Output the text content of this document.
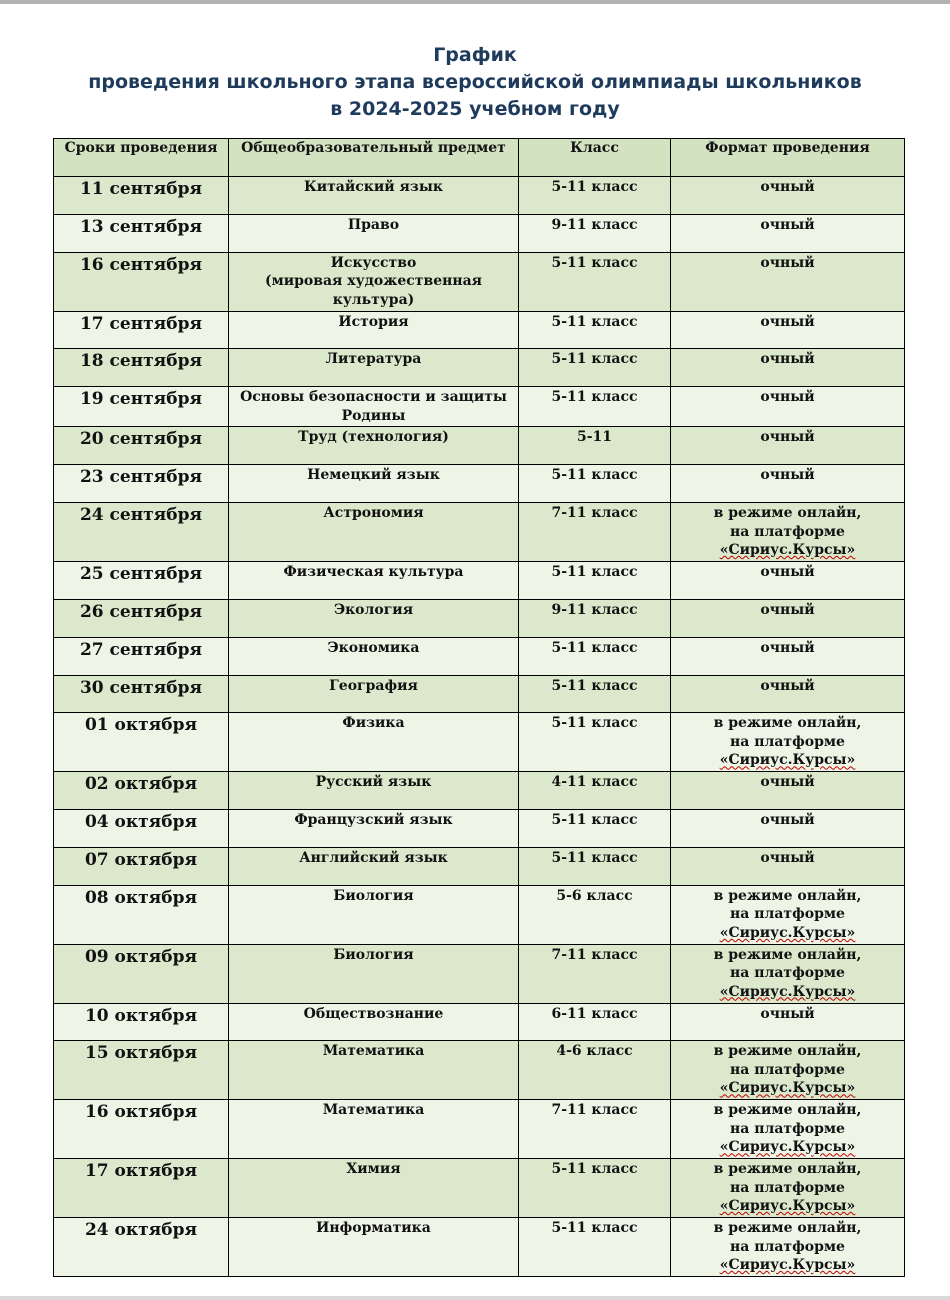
График
проведения школьного этапа всероссийской олимпиады школьников
в 2024-2025 учебном году
Сроки проведения	Общеобразовательный предмет	Класс	Формат проведения
11 сентября	Китайский язык	5-11 класс	очный
13 сентября	Право	9-11 класс	очный
16 сентября	Искусство
(мировая художественная
культура)	5-11 класс	очный
17 сентября	История	5-11 класс	очный
18 сентября	Литература	5-11 класс	очный
19 сентября	Основы безопасности и защиты
Родины	5-11 класс	очный
20 сентября	Труд (технология)	5-11	очный
23 сентября	Немецкий язык	5-11 класс	очный
24 сентября	Астрономия	7-11 класс	в режиме онлайн,
на платформе
«Сириус.Курсы»

25 сентября	Физическая культура	5-11 класс	очный
26 сентября	Экология	9-11 класс	очный
27 сентября	Экономика	5-11 класс	очный
30 сентября	География	5-11 класс	очный
01 октября	Физика	5-11 класс	в режиме онлайн,
на платформе
«Сириус.Курсы»

02 октября	Русский язык	4-11 класс	очный
04 октября	Французский язык	5-11 класс	очный
07 октября	Английский язык	5-11 класс	очный
08 октября	Биология	5-6 класс	в режиме онлайн,
на платформе
«Сириус.Курсы»

09 октября	Биология	7-11 класс	в режиме онлайн,
на платформе
«Сириус.Курсы»

10 октября	Обществознание	6-11 класс	очный
15 октября	Математика	4-6 класс	в режиме онлайн,
на платформе
«Сириус.Курсы»

16 октября	Математика	7-11 класс	в режиме онлайн,
на платформе
«Сириус.Курсы»

17 октября	Химия	5-11 класс	в режиме онлайн,
на платформе
«Сириус.Курсы»

24 октября	Информатика	5-11 класс	в режиме онлайн,
на платформе
«Сириус.Курсы»
